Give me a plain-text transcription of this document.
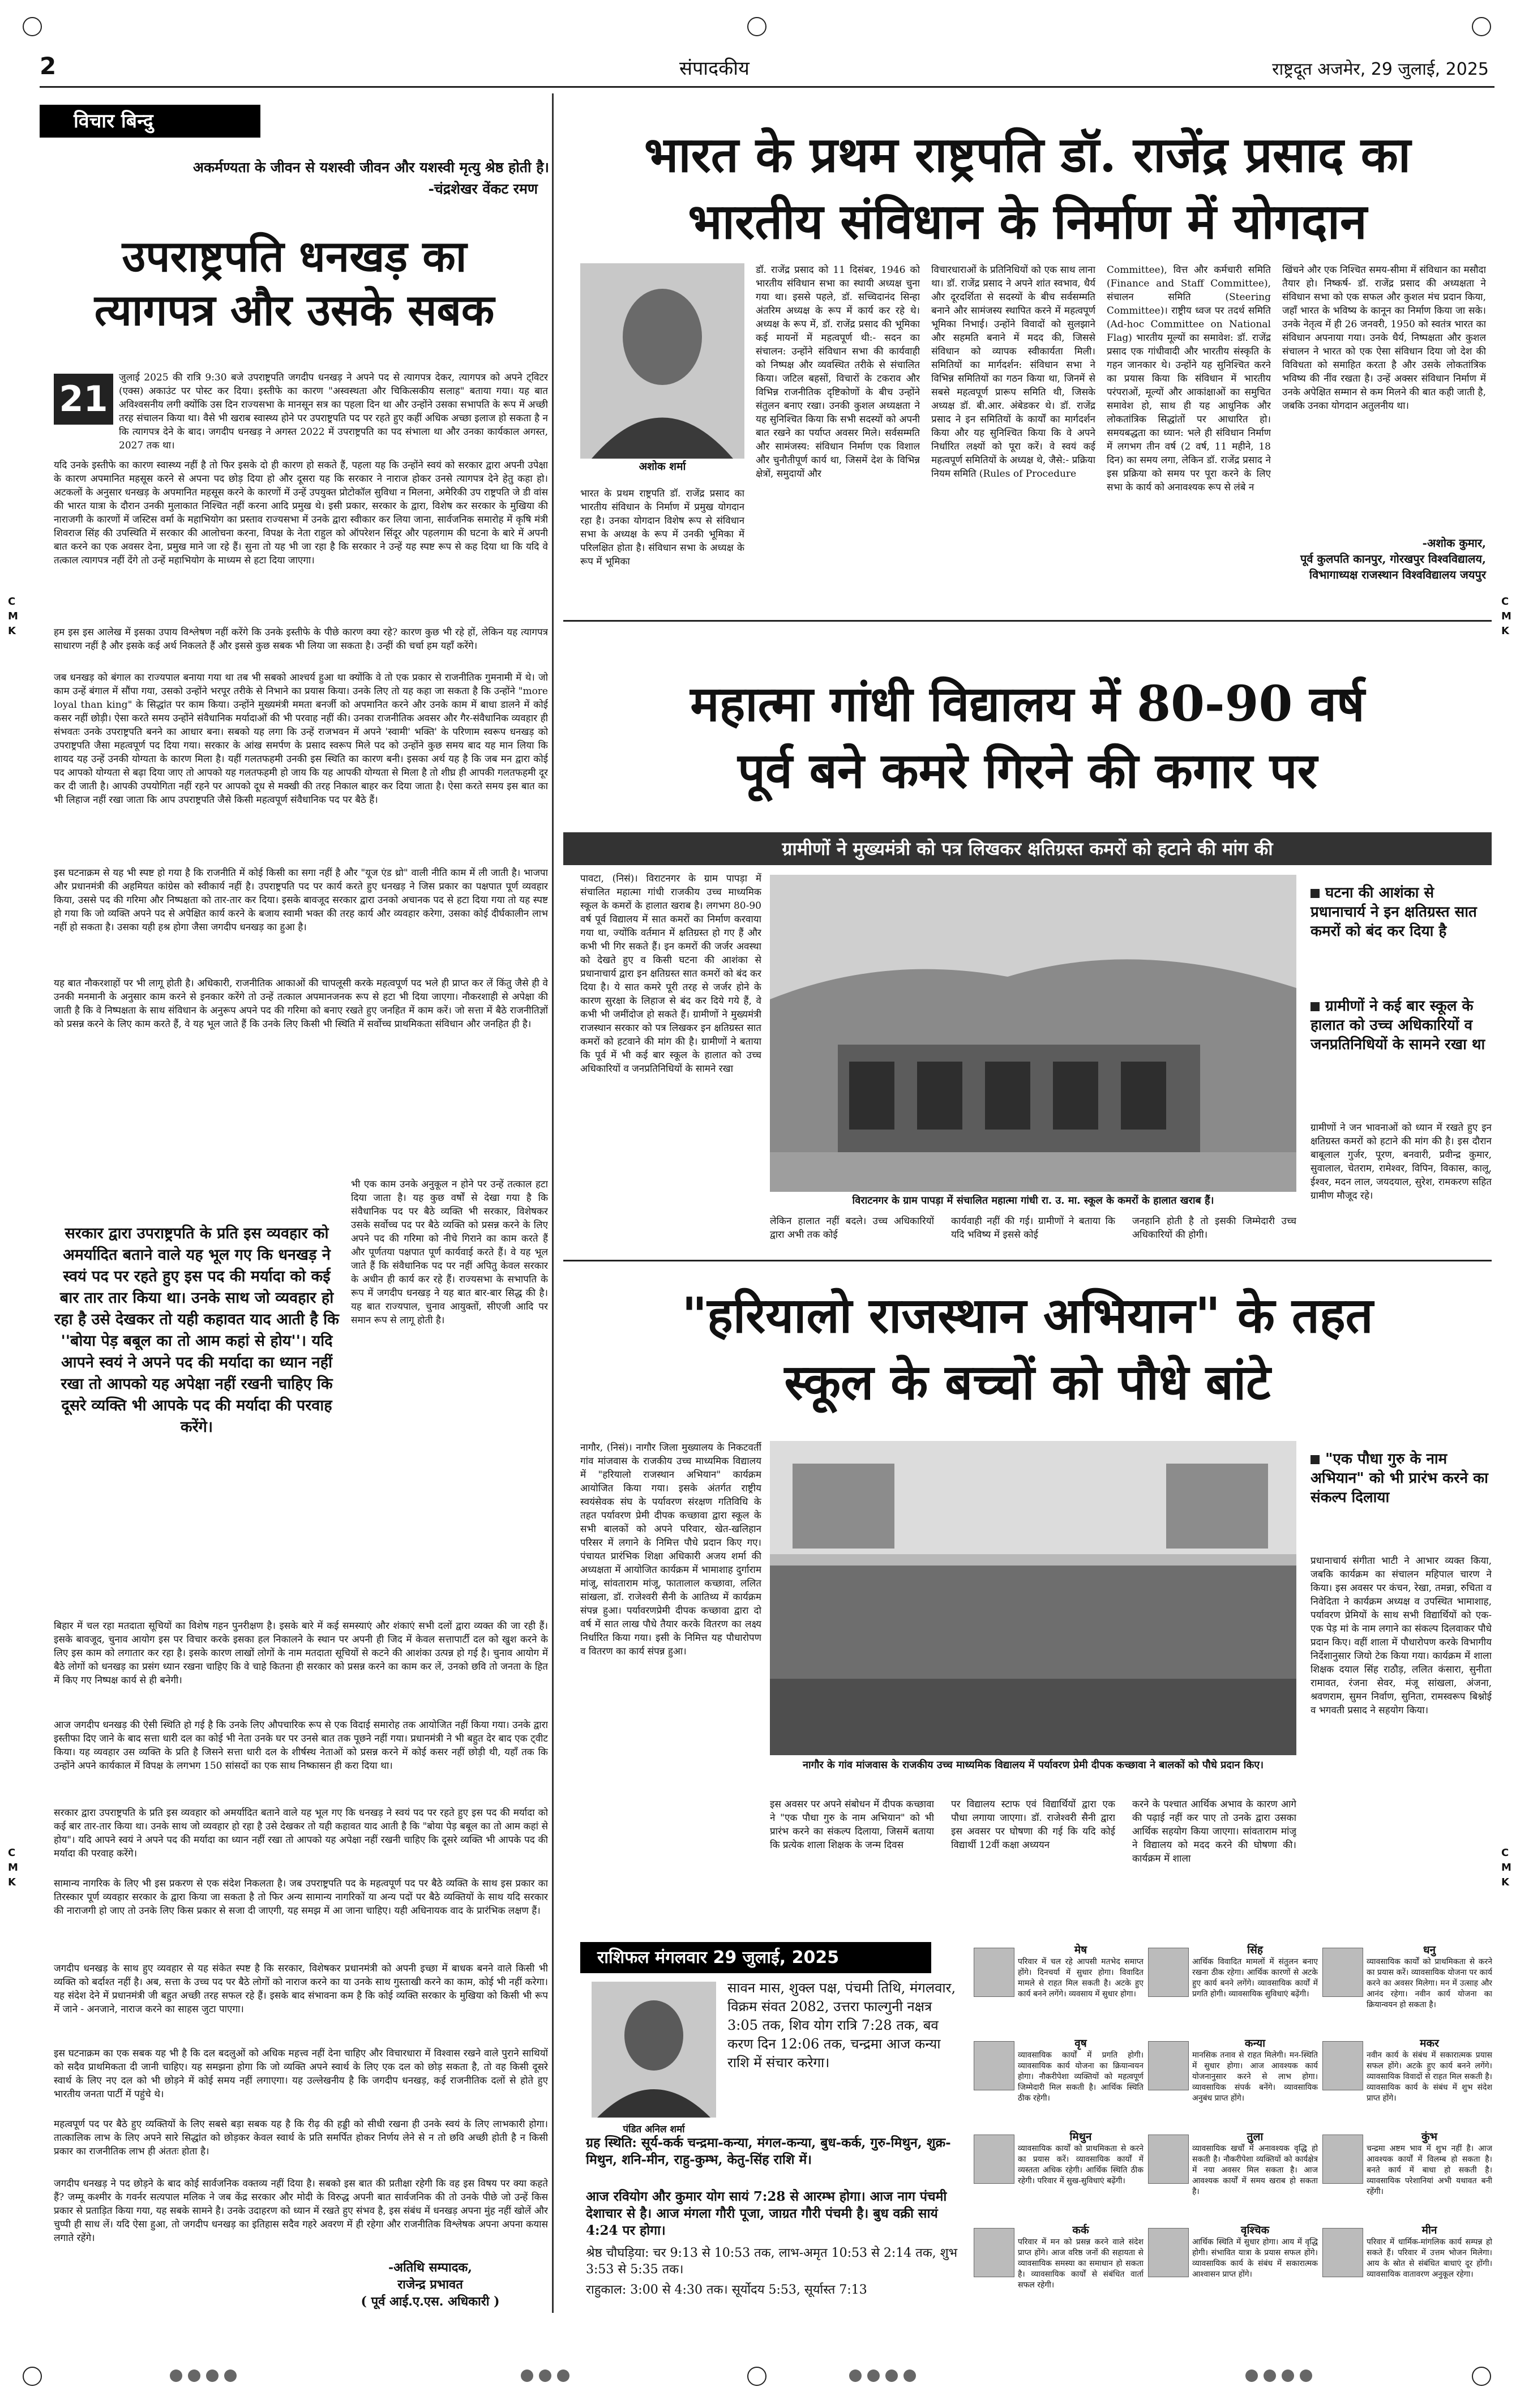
2	संपादकीय	राष्ट्रदूत अजमेर, 29 जुलाई, 2025
विचार बिन्दु
अकर्मण्यता के जीवन से यशस्वी जीवन और यशस्वी मृत्यु श्रेष्ठ होती है।
-चंद्रशेखर वेंकट रमण
उपराष्ट्रपति धनखड़ का
त्यागपत्र और उसके सबक
21
जुलाई 2025 की रात्रि 9:30 बजे उपराष्ट्रपति जगदीप धनखड़ ने अपने पद से त्यागपत्र देकर, त्यागपत्र को अपने ट्विटर (एक्स) अकाउंट पर पोस्ट कर दिया। इस्तीफे का कारण "अस्वस्थता और चिकित्सकीय सलाह" बताया गया। यह बात अविश्वसनीय लगी क्योंकि उस दिन राज्यसभा के मानसून सत्र का पहला दिन था और उन्होंने उसका सभापति के रूप में अच्छी तरह संचालन किया था। वैसे भी खराब स्वास्थ्य होने पर उपराष्ट्रपति पद पर रहते हुए कहीं अधिक अच्छा इलाज हो सकता है न कि त्यागपत्र देने के बाद। जगदीप धनखड़ ने अगस्त 2022 में उपराष्ट्रपति का पद संभाला था और उनका कार्यकाल अगस्त, 2027 तक था।
यदि उनके इस्तीफे का कारण स्वास्थ्य नहीं है तो फिर इसके दो ही कारण हो सकते हैं, पहला यह कि उन्होंने स्वयं को सरकार द्वारा अपनी उपेक्षा के कारण अपमानित महसूस करने से अपना पद छोड़ दिया हो और दूसरा यह कि सरकार ने नाराज होकर उनसे त्यागपत्र देने हेतु कहा हो। अटकलों के अनुसार धनखड़ के अपमानित महसूस करने के कारणों में उन्हें उपयुक्त प्रोटोकॉल सुविधा न मिलना, अमेरिकी उप राष्ट्रपति जे डी वांस की भारत यात्रा के दौरान उनकी मुलाकात निश्चित नहीं करना आदि प्रमुख थे। इसी प्रकार, सरकार के द्वारा, विशेष कर सरकार के मुखिया की नाराजगी के कारणों में जस्टिस वर्मा के महाभियोग का प्रस्ताव राज्यसभा में उनके द्वारा स्वीकार कर लिया जाना, सार्वजनिक समारोह में कृषि मंत्री शिवराज सिंह की उपस्थिति में सरकार की आलोचना करना, विपक्ष के नेता राहुल को ऑपरेशन सिंदूर और पहलगाम की घटना के बारे में अपनी बात करने का एक अवसर देना, प्रमुख माने जा रहे हैं। सुना तो यह भी जा रहा है कि सरकार ने उन्हें यह स्पष्ट रूप से कह दिया था कि यदि वे तत्काल त्यागपत्र नहीं देंगे तो उन्हें महाभियोग के माध्यम से हटा दिया जाएगा।
हम इस इस आलेख में इसका उपाय विश्लेषण नहीं करेंगे कि उनके इस्तीफे के पीछे कारण क्या रहे? कारण कुछ भी रहे हों, लेकिन यह त्यागपत्र साधारण नहीं है और इसके कई अर्थ निकलते हैं और इससे कुछ सबक भी लिया जा सकता है। उन्हीं की चर्चा हम यहाँ करेंगे।
जब धनखड़ को बंगाल का राज्यपाल बनाया गया था तब भी सबको आश्चर्य हुआ था क्योंकि वे तो एक प्रकार से राजनीतिक गुमनामी में थे। जो काम उन्हें बंगाल में सौंपा गया, उसको उन्होंने भरपूर तरीके से निभाने का प्रयास किया। उनके लिए तो यह कहा जा सकता है कि उन्होंने "more loyal than king" के सिद्धांत पर काम किया। उन्होंने मुख्यमंत्री ममता बनर्जी को अपमानित करने और उनके काम में बाधा डालने में कोई कसर नहीं छोड़ी। ऐसा करते समय उन्होंने संवैधानिक मर्यादाओं की भी परवाह नहीं की। उनका राजनीतिक अवसर और गैर-संवैधानिक व्यवहार ही संभवतः उनके उपराष्ट्रपति बनने का आधार बना। सबको यह लगा कि उन्हें राजभवन में अपने 'स्वामी' भक्ति' के परिणाम स्वरूप धनखड़ को उपराष्ट्रपति जैसा महत्वपूर्ण पद दिया गया। सरकार के आंख समर्पण के प्रसाद स्वरूप मिले पद को उन्होंने कुछ समय बाद यह मान लिया कि शायद यह उन्हें उनकी योग्यता के कारण मिला है। यहीं गलतफहमी उनकी इस स्थिति का कारण बनी। इसका अर्थ यह है कि जब मन द्वारा कोई पद आपको योग्यता से बढ़ा दिया जाए तो आपको यह गलतफहमी हो जाय कि यह आपकी योग्यता से मिला है तो शीघ्र ही आपकी गलतफहमी दूर कर दी जाती है। आपकी उपयोगिता नहीं रहने पर आपको दूध से मक्खी की तरह निकाल बाहर कर दिया जाता है। ऐसा करते समय इस बात का भी लिहाज नहीं रखा जाता कि आप उपराष्ट्रपति जैसे किसी महत्वपूर्ण संवैधानिक पद पर बैठे हैं।
इस घटनाक्रम से यह भी स्पष्ट हो गया है कि राजनीति में कोई किसी का सगा नहीं है और "यूज एंड थ्रो" वाली नीति काम में ली जाती है। भाजपा और प्रधानमंत्री की अहमियत कांग्रेस को स्वीकार्य नहीं है। उपराष्ट्रपति पद पर कार्य करते हुए धनखड़ ने जिस प्रकार का पक्षपात पूर्ण व्यवहार किया, उससे पद की गरिमा और निष्पक्षता को तार-तार कर दिया। इसके बावजूद सरकार द्वारा उनको अचानक पद से हटा दिया गया तो यह स्पष्ट हो गया कि जो व्यक्ति अपने पद से अपेक्षित कार्य करने के बजाय स्वामी भक्त की तरह कार्य और व्यवहार करेगा, उसका कोई दीर्घकालीन लाभ नहीं हो सकता है। उसका यही हश्र होगा जैसा जगदीप धनखड़ का हुआ है।
यह बात नौकरशाहों पर भी लागू होती है। अधिकारी, राजनीतिक आकाओं की चापलूसी करके महत्वपूर्ण पद भले ही प्राप्त कर लें किंतु जैसे ही वे उनकी मनमानी के अनुसार काम करने से इनकार करेंगे तो उन्हें तत्काल अपमानजनक रूप से हटा भी दिया जाएगा। नौकरशाही से अपेक्षा की जाती है कि वे निष्पक्षता के साथ संविधान के अनुरूप अपने पद की गरिमा को बनाए रखते हुए जनहित में काम करें। जो सत्ता में बैठे राजनीतिज्ञों को प्रसन्न करने के लिए काम करते हैं, वे यह भूल जाते हैं कि उनके लिए किसी भी स्थिति में सर्वोच्च प्राथमिकता संविधान और जनहित ही है।
सरकार द्वारा उपराष्ट्रपति के प्रति इस व्यवहार को अमर्यादित बताने वाले यह भूल गए कि धनखड़ ने स्वयं पद पर रहते हुए इस पद की मर्यादा को कई बार तार तार किया था। उनके साथ जो व्यवहार हो रहा है उसे देखकर तो यही कहावत याद आती है कि ''बोया पेड़ बबूल का तो आम कहां से होय''। यदि आपने स्वयं ने अपने पद की मर्यादा का ध्यान नहीं रखा तो आपको यह अपेक्षा नहीं रखनी चाहिए कि दूसरे व्यक्ति भी आपके पद की मर्यादा की परवाह करेंगे।
भी एक काम उनके अनुकूल न होने पर उन्हें तत्काल हटा दिया जाता है। यह कुछ वर्षों से देखा गया है कि संवैधानिक पद पर बैठे व्यक्ति भी सरकार, विशेषकर उसके सर्वोच्च पद पर बैठे व्यक्ति को प्रसन्न करने के लिए अपने पद की गरिमा को नीचे गिराने का काम करते हैं और पूर्णतया पक्षपात पूर्ण कार्यवाई करते हैं। वे यह भूल जाते हैं कि संवैधानिक पद पर नहीं अपितु केवल सरकार के अधीन ही कार्य कर रहे हैं। राज्यसभा के सभापति के रूप में जगदीप धनखड़ ने यह बात बार-बार सिद्ध की है। यह बात राज्यपाल, चुनाव आयुक्तों, सीएजी आदि पर समान रूप से लागू होती है।
बिहार में चल रहा मतदाता सूचियों का विशेष गहन पुनरीक्षण है। इसके बारे में कई समस्याएं और शंकाएं सभी दलों द्वारा व्यक्त की जा रही हैं। इसके बावजूद, चुनाव आयोग इस पर विचार करके इसका हल निकालने के स्थान पर अपनी ही जिद में केवल सत्तापार्टी दल को खुश करने के लिए इस काम को लगातार कर रहा है। इसके कारण लाखों लोगों के नाम मतदाता सूचियों से कटने की आशंका उत्पन्न हो गई है। चुनाव आयोग में बैठे लोगों को धनखड़ का प्रसंग ध्यान रखना चाहिए कि वे चाहे कितना ही सरकार को प्रसन्न करने का काम कर लें, उनको छवि तो जनता के हित में किए गए निष्पक्ष कार्य से ही बनेगी।
आज जगदीप धनखड़ की ऐसी स्थिति हो गई है कि उनके लिए औपचारिक रूप से एक विदाई समारोह तक आयोजित नहीं किया गया। उनके द्वारा इस्तीफा दिए जाने के बाद सत्ता धारी दल का कोई भी नेता उनके घर पर उनसे बात तक पूछने नहीं गया। प्रधानमंत्री ने भी बहुत देर बाद एक ट्वीट किया। यह व्यवहार उस व्यक्ति के प्रति है जिसने सत्ता धारी दल के शीर्षस्थ नेताओं को प्रसन्न करने में कोई कसर नहीं छोड़ी थी, यहाँ तक कि उन्होंने अपने कार्यकाल में विपक्ष के लगभग 150 सांसदों का एक साथ निष्कासन ही करा दिया था।
सरकार द्वारा उपराष्ट्रपति के प्रति इस व्यवहार को अमर्यादित बताने वाले यह भूल गए कि धनखड़ ने स्वयं पद पर रहते हुए इस पद की मर्यादा को कई बार तार-तार किया था। उनके साथ जो व्यवहार हो रहा है उसे देखकर तो यही कहावत याद आती है कि "बोया पेड़ बबूल का तो आम कहां से होय"। यदि आपने स्वयं ने अपने पद की मर्यादा का ध्यान नहीं रखा तो आपको यह अपेक्षा नहीं रखनी चाहिए कि दूसरे व्यक्ति भी आपके पद की मर्यादा की परवाह करेंगे।
सामान्य नागरिक के लिए भी इस प्रकरण से एक संदेश निकलता है। जब उपराष्ट्रपति पद के महत्वपूर्ण पद पर बैठे व्यक्ति के साथ इस प्रकार का तिरस्कार पूर्ण व्यवहार सरकार के द्वारा किया जा सकता है तो फिर अन्य सामान्य नागरिकों या अन्य पदों पर बैठे व्यक्तियों के साथ यदि सरकार की नाराजगी हो जाए तो उनके लिए किस प्रकार से सजा दी जाएगी, यह समझ में आ जाना चाहिए। यही अधिनायक वाद के प्रारंभिक लक्षण हैं।
जगदीप धनखड़ के साथ हुए व्यवहार से यह संकेत स्पष्ट है कि सरकार, विशेषकर प्रधानमंत्री को अपनी इच्छा में बाधक बनने वाले किसी भी व्यक्ति को बर्दाश्त नहीं है। अब, सत्ता के उच्च पद पर बैठे लोगों को नाराज करने का या उनके साथ गुस्ताखी करने का काम, कोई भी नहीं करेगा। यह संदेश देने में प्रधानमंत्री जी बहुत अच्छी तरह सफल रहे हैं। इसके बाद संभावना कम है कि कोई व्यक्ति सरकार के मुखिया को किसी भी रूप में जाने - अनजाने, नाराज करने का साहस जुटा पाएगा।
इस घटनाक्रम का एक सबक यह भी है कि दल बदलुओं को अधिक महत्त्व नहीं देना चाहिए और विचारधारा में विश्वास रखने वाले पुराने साथियों को सदैव प्राथमिकता दी जानी चाहिए। यह समझना होगा कि जो व्यक्ति अपने स्वार्थ के लिए एक दल को छोड़ सकता है, तो वह किसी दूसरे स्वार्थ के लिए नए दल को भी छोड़ने में कोई समय नहीं लगाएगा। यह उल्लेखनीय है कि जगदीप धनखड़, कई राजनीतिक दलों से होते हुए भारतीय जनता पार्टी में पहुंचे थे।
महत्वपूर्ण पद पर बैठे हुए व्यक्तियों के लिए सबसे बड़ा सबक यह है कि रीढ़ की हड्डी को सीधी रखना ही उनके स्वयं के लिए लाभकारी होगा। तात्कालिक लाभ के लिए अपने सारे सिद्धांत को छोड़कर केवल स्वार्थ के प्रति समर्पित होकर निर्णय लेने से न तो छवि अच्छी होती है न किसी प्रकार का राजनीतिक लाभ ही अंततः होता है।
जगदीप धनखड़ ने पद छोड़ने के बाद कोई सार्वजनिक वक्तव्य नहीं दिया है। सबको इस बात की प्रतीक्षा रहेगी कि वह इस विषय पर क्या कहते हैं? जम्मू कश्मीर के गवर्नर सत्यपाल मलिक ने जब केंद्र सरकार और मोदी के विरुद्ध अपनी बात सार्वजनिक की तो उनके पीछे जो उन्हें किस प्रकार से प्रताड़ित किया गया, यह सबके सामने है। उनके उदाहरण को ध्यान में रखते हुए संभव है, इस संबंध में धनखड़ अपना मुंह नहीं खोलें और चुप्पी ही साध लें। यदि ऐसा हुआ, तो जगदीप धनखड़ का इतिहास सदैव गहरे अवरण में ही रहेगा और राजनीतिक विश्लेषक अपना अपना कयास लगाते रहेंगे।
-अतिथि सम्पादक,
राजेन्द्र प्रभावत
( पूर्व आई.ए.एस. अधिकारी )
भारत के प्रथम राष्ट्रपति डॉ. राजेंद्र प्रसाद का
भारतीय संविधान के निर्माण में योगदान
अशोक शर्मा
भारत के प्रथम राष्ट्रपति डॉ. राजेंद्र प्रसाद का भारतीय संविधान के निर्माण में प्रमुख योगदान रहा है। उनका योगदान विशेष रूप से संविधान सभा के अध्यक्ष के रूप में उनकी भूमिका में परिलक्षित होता है। संविधान सभा के अध्यक्ष के रूप में भूमिका
डॉ. राजेंद्र प्रसाद को 11 दिसंबर, 1946 को भारतीय संविधान सभा का स्थायी अध्यक्ष चुना गया था। इससे पहले, डॉ. सच्चिदानंद सिन्हा अंतरिम अध्यक्ष के रूप में कार्य कर रहे थे। अध्यक्ष के रूप में, डॉ. राजेंद्र प्रसाद की भूमिका कई मायनों में महत्वपूर्ण थी:- सदन का संचालन: उन्होंने संविधान सभा की कार्यवाही को निष्पक्ष और व्यवस्थित तरीके से संचालित किया। जटिल बहसों, विचारों के टकराव और विभिन्न राजनीतिक दृष्टिकोणों के बीच उन्होंने संतुलन बनाए रखा। उनकी कुशल अध्यक्षता ने यह सुनिश्चित किया कि सभी सदस्यों को अपनी बात रखने का पर्याप्त अवसर मिले। सर्वसम्मति और सामंजस्य: संविधान निर्माण एक विशाल और चुनौतीपूर्ण कार्य था, जिसमें देश के विभिन्न क्षेत्रों, समुदायों और
विचारधाराओं के प्रतिनिधियों को एक साथ लाना था। डॉ. राजेंद्र प्रसाद ने अपने शांत स्वभाव, धैर्य और दूरदर्शिता से सदस्यों के बीच सर्वसम्मति बनाने और सामंजस्य स्थापित करने में महत्वपूर्ण भूमिका निभाई। उन्होंने विवादों को सुलझाने और सहमति बनाने में मदद की, जिससे संविधान को व्यापक स्वीकार्यता मिली। समितियों का मार्गदर्शन: संविधान सभा ने विभिन्न समितियों का गठन किया था, जिनमें से सबसे महत्वपूर्ण प्रारूप समिति थी, जिसके अध्यक्ष डॉ. बी.आर. अंबेडकर थे। डॉ. राजेंद्र प्रसाद ने इन समितियों के कार्यों का मार्गदर्शन किया और यह सुनिश्चित किया कि वे अपने निर्धारित लक्ष्यों को पूरा करें। वे स्वयं कई महत्वपूर्ण समितियों के अध्यक्ष थे, जैसे:- प्रक्रिया नियम समिति (Rules of Procedure
Committee), वित्त और कर्मचारी समिति (Finance and Staff Committee), संचालन समिति (Steering Committee)। राष्ट्रीय ध्वज पर तदर्थ समिति (Ad-hoc Committee on National Flag) भारतीय मूल्यों का समावेश: डॉ. राजेंद्र प्रसाद एक गांधीवादी और भारतीय संस्कृति के गहन जानकार थे। उन्होंने यह सुनिश्चित करने का प्रयास किया कि संविधान में भारतीय परंपराओं, मूल्यों और आकांक्षाओं का समुचित समावेश हो, साथ ही यह आधुनिक और लोकतांत्रिक सिद्धांतों पर आधारित हो। समयबद्धता का ध्यान: भले ही संविधान निर्माण में लगभग तीन वर्ष (2 वर्ष, 11 महीने, 18 दिन) का समय लगा, लेकिन डॉ. राजेंद्र प्रसाद ने इस प्रक्रिया को समय पर पूरा करने के लिए सभा के कार्य को अनावश्यक रूप से लंबे न
खिंचने और एक निश्चित समय-सीमा में संविधान का मसौदा तैयार हो। निष्कर्ष- डॉ. राजेंद्र प्रसाद की अध्यक्षता ने संविधान सभा को एक सफल और कुशल मंच प्रदान किया, जहाँ भारत के भविष्य के कानून का निर्माण किया जा सके। उनके नेतृत्व में ही 26 जनवरी, 1950 को स्वतंत्र भारत का संविधान अपनाया गया। उनके धैर्य, निष्पक्षता और कुशल संचालन ने भारत को एक ऐसा संविधान दिया जो देश की विविधता को समाहित करता है और उसके लोकतांत्रिक भविष्य की नींव रखता है। उन्हें अक्सर संविधान निर्माण में उनके अपेक्षित सम्मान से कम मिलने की बात कही जाती है, जबकि उनका योगदान अतुलनीय था।
-अशोक कुमार,
पूर्व कुलपति कानपुर, गोरखपुर विश्वविद्यालय, विभागाध्यक्ष राजस्थान विश्वविद्यालय जयपुर
महात्मा गांधी विद्यालय में 80-90 वर्ष
पूर्व बने कमरे गिरने की कगार पर
ग्रामीणों ने मुख्यमंत्री को पत्र लिखकर क्षतिग्रस्त कमरों को हटाने की मांग की
पावटा, (निसं)। विराटनगर के ग्राम पापड़ा में संचालित महात्मा गांधी राजकीय उच्च माध्यमिक स्कूल के कमरों के हालात खराब है। लगभग 80-90 वर्ष पूर्व विद्यालय में सात कमरों का निर्माण करवाया गया था, ज्योंकि वर्तमान में क्षतिग्रस्त हो गए हैं और कभी भी गिर सकते हैं। इन कमरों की जर्जर अवस्था को देखते हुए व किसी घटना की आशंका से प्रधानाचार्य द्वारा इन क्षतिग्रस्त सात कमरों को बंद कर दिया है। ये सात कमरे पूरी तरह से जर्जर होने के कारण सुरक्षा के लिहाज से बंद कर दिये गये हैं, वे कभी भी जमींदोज हो सकते हैं। ग्रामीणों ने मुख्यमंत्री राजस्थान सरकार को पत्र लिखकर इन क्षतिग्रस्त सात कमरों को हटवाने की मांग की है। ग्रामीणों ने बताया कि पूर्व में भी कई बार स्कूल के हालात को उच्च अधिकारियों व जनप्रतिनिधियों के सामने रखा
विराटनगर के ग्राम पापड़ा में संचालित महात्मा गांधी रा. उ. मा. स्कूल के कमरों के हालात खराब हैं।
लेकिन हालात नहीं बदले। उच्च अधिकारियों द्वारा अभी तक कोई
कार्यवाही नहीं की गई। ग्रामीणों ने बताया कि यदि भविष्य में इससे कोई
जनहानि होती है तो इसकी जिम्मेदारी उच्च अधिकारियों की होगी।
घटना की आशंका से प्रधानाचार्य ने इन क्षतिग्रस्त सात कमरों को बंद कर दिया है
ग्रामीणों ने कई बार स्कूल के हालात को उच्च अधिकारियों व जनप्रतिनिधियों के सामने रखा था
ग्रामीणों ने जन भावनाओं को ध्यान में रखते हुए इन क्षतिग्रस्त कमरों को हटाने की मांग की है। इस दौरान बाबूलाल गुर्जर, पूरण, बनवारी, प्रवीन्द्र कुमार, सुवालाल, चेतराम, रामेश्वर, विपिन, विकास, कालू, ईश्वर, मदन लाल, जयदयाल, सुरेश, रामकरण सहित ग्रामीण मौजूद रहे।
"हरियालो राजस्थान अभियान" के तहत
स्कूल के बच्चों को पौधे बांटे
नागौर, (निसं)। नागौर जिला मुख्यालय के निकटवर्ती गांव मांजवास के राजकीय उच्च माध्यमिक विद्यालय में "हरियालो राजस्थान अभियान" कार्यक्रम आयोजित किया गया। इसके अंतर्गत राष्ट्रीय स्वयंसेवक संघ के पर्यावरण संरक्षण गतिविधि के तहत पर्यावरण प्रेमी दीपक कच्छावा द्वारा स्कूल के सभी बालकों को अपने परिवार, खेत-खलिहान परिसर में लगाने के निमित्त पौधे प्रदान किए गए। पंचायत प्रारंभिक शिक्षा अधिकारी अजय शर्मा की अध्यक्षता में आयोजित कार्यक्रम में भामाशाह दुर्गाराम मांजू, सांवताराम मांजू, फातालाल कच्छावा, ललित सांखला, डॉ. राजेश्वरी सैनी के आतिथ्य में कार्यक्रम संपन्न हुआ। पर्यावरणप्रेमी दीपक कच्छावा द्वारा दो वर्ष में सात लाख पौधे तैयार करके वितरण का लक्ष्य निर्धारित किया गया। इसी के निमित्त यह पौधारोपण व वितरण का कार्य संपन्न हुआ।
नागौर के गांव मांजवास के राजकीय उच्च माध्यमिक विद्यालय में पर्यावरण प्रेमी दीपक कच्छावा ने बालकों को पौधे प्रदान किए।
इस अवसर पर अपने संबोधन में दीपक कच्छावा ने "एक पौधा गुरु के नाम अभियान" को भी प्रारंभ करने का संकल्प दिलाया, जिसमें बताया कि प्रत्येक शाला शिक्षक के जन्म दिवस
पर विद्यालय स्टाफ एवं विद्यार्थियों द्वारा एक पौधा लगाया जाएगा। डॉ. राजेश्वरी सैनी द्वारा इस अवसर पर घोषणा की गई कि यदि कोई विद्यार्थी 12वीं कक्षा अध्ययन
करने के पश्चात आर्थिक अभाव के कारण आगे की पढ़ाई नहीं कर पाए तो उनके द्वारा उसका आर्थिक सहयोग किया जाएगा। सांवताराम मांजू ने विद्यालय को मदद करने की घोषणा की। कार्यक्रम में शाला
"एक पौधा गुरु के नाम अभियान" को भी प्रारंभ करने का संकल्प दिलाया
प्रधानाचार्य संगीता भाटी ने आभार व्यक्त किया, जबकि कार्यक्रम का संचालन महिपाल चारण ने किया। इस अवसर पर कंचन, रेखा, तमन्ना, रुचिता व निवेदिता ने कार्यक्रम अध्यक्ष व उपस्थित भामाशाह, पर्यावरण प्रेमियों के साथ सभी विद्यार्थियों को एक-एक पेड़ मां के नाम लगाने का संकल्प दिलवाकर पौधे प्रदान किए। वहीं शाला में पौधारोपण करके विभागीय निर्देशानुसार जियो टेक किया गया। कार्यक्रम में शाला शिक्षक दयाल सिंह राठौड़, ललित कंसारा, सुनीता रामावत, रंजना सेवर, मंजू सांखला, अंजना, श्रवणराम, सुमन निर्वाण, सुनिता, रामस्वरूप बिश्नोई व भगवती प्रसाद ने सहयोग किया।
राशिफल मंगलवार 29 जुलाई, 2025
पंडित अनिल शर्मा
सावन मास, शुक्ल पक्ष, पंचमी तिथि, मंगलवार, विक्रम संवत 2082, उत्तरा फाल्गुनी नक्षत्र 3:05 तक, शिव योग रात्रि 7:28 तक, बव करण दिन 12:06 तक, चन्द्रमा आज कन्या राशि में संचार करेगा।
ग्रह स्थिति: सूर्य-कर्क चन्द्रमा-कन्या, मंगल-कन्या, बुध-कर्क, गुरु-मिथुन, शुक्र-मिथुन, शनि-मीन, राहु-कुम्भ, केतु-सिंह राशि में।
आज रवियोग और कुमार योग सायं 7:28 से आरम्भ होगा। आज नाग पंचमी देशाचार से है। आज मंगला गौरी पूजा, जाग्रत गौरी पंचमी है। बुध वक्री सायं 4:24 पर होगा।
श्रेष्ठ चौघड़िया: चर 9:13 से 10:53 तक, लाभ-अमृत 10:53 से 2:14 तक, शुभ 3:53 से 5:35 तक।
राहुकाल: 3:00 से 4:30 तक। सूर्योदय 5:53, सूर्यास्त 7:13
मेष
परिवार में चल रहे आपसी मतभेद समाप्त होंगे। दिनचर्या में सुधार होगा। विवादित मामले से राहत मिल सकती है। अटके हुए कार्य बनने लगेंगे। व्यवसाय में सुधार होगा।
सिंह
आर्थिक विवादित मामलों में संतुलन बनाए रखना ठीक रहेगा। आर्थिक कारणों से अटके हुए कार्य बनने लगेंगे। व्यावसायिक कार्यों में प्रगति होगी। व्यावसायिक सुविधाएं बढ़ेंगी।
धनु
व्यावसायिक कार्यों को प्राथमिकता से करने का प्रयास करें। व्यावसायिक योजना पर कार्य करने का अवसर मिलेगा। मन में उत्साह और आनंद रहेगा। नवीन कार्य योजना का क्रियान्वयन हो सकता है।
वृष
व्यावसायिक कार्यों में प्रगति होगी। व्यावसायिक कार्य योजना का क्रियान्वयन होगा। नौकरीपेशा व्यक्तियों को महत्वपूर्ण जिम्मेदारी मिल सकती है। आर्थिक स्थिति ठीक रहेगी।
कन्या
मानसिक तनाव से राहत मिलेगी। मन-स्थिति में सुधार होगा। आज आवश्यक कार्य योजनानुसार करने से लाभ होगा। व्यावसायिक संपर्क बनेंगे। व्यावसायिक अनुबंध प्राप्त होंगे।
मकर
नवीन कार्य के संबंध में सकारात्मक प्रयास सफल होंगे। अटके हुए कार्य बनने लगेंगे। व्यावसायिक विवादों से राहत मिल सकती है। व्यावसायिक कार्य के संबंध में शुभ संदेश प्राप्त होंगे।
मिथुन
व्यावसायिक कार्यों को प्राथमिकता से करने का प्रयास करें। व्यावसायिक कार्यों में व्यस्तता अधिक रहेगी। आर्थिक स्थिति ठीक रहेगी। परिवार में सुख-सुविधाएं बढ़ेंगी।
तुला
व्यावसायिक खर्चों में अनावश्यक वृद्धि हो सकती है। नौकरीपेशा व्यक्तियों को कार्यक्षेत्र में नया अवसर मिल सकता है। आज आवश्यक कार्यों में समय खराब हो सकता है।
कुंभ
चन्द्रमा अष्टम भाव में शुभ नहीं है। आज आवश्यक कार्यों में विलम्ब हो सकता है। बनते कार्य में बाधा हो सकती है। व्यावसायिक परेशानियां अभी यथावत बनी रहेंगी।
कर्क
परिवार में मन को प्रसन्न करने वाले संदेश प्राप्त होंगे। आज वरिष्ठ जनों की सहायता से व्यावसायिक समस्या का समाधान हो सकता है। व्यावसायिक कार्यों से संबंधित वार्ता सफल रहेगी।
वृश्चिक
आर्थिक स्थिति में सुधार होगा। आय में वृद्धि होगी। संभावित यात्रा के प्रयास सफल होंगे। व्यावसायिक कार्य के संबंध में सकारात्मक आश्वासन प्राप्त होंगे।
मीन
परिवार में धार्मिक-मांगलिक कार्य सम्पन्न हो सकते हैं। परिवार में उत्तम भोजन मिलेगा। आय के स्रोत से संबंधित बाधाएं दूर होंगी। व्यावसायिक वातावरण अनुकूल रहेगा।
C
M
K
C
M
K
C
M
K
C
M
K
